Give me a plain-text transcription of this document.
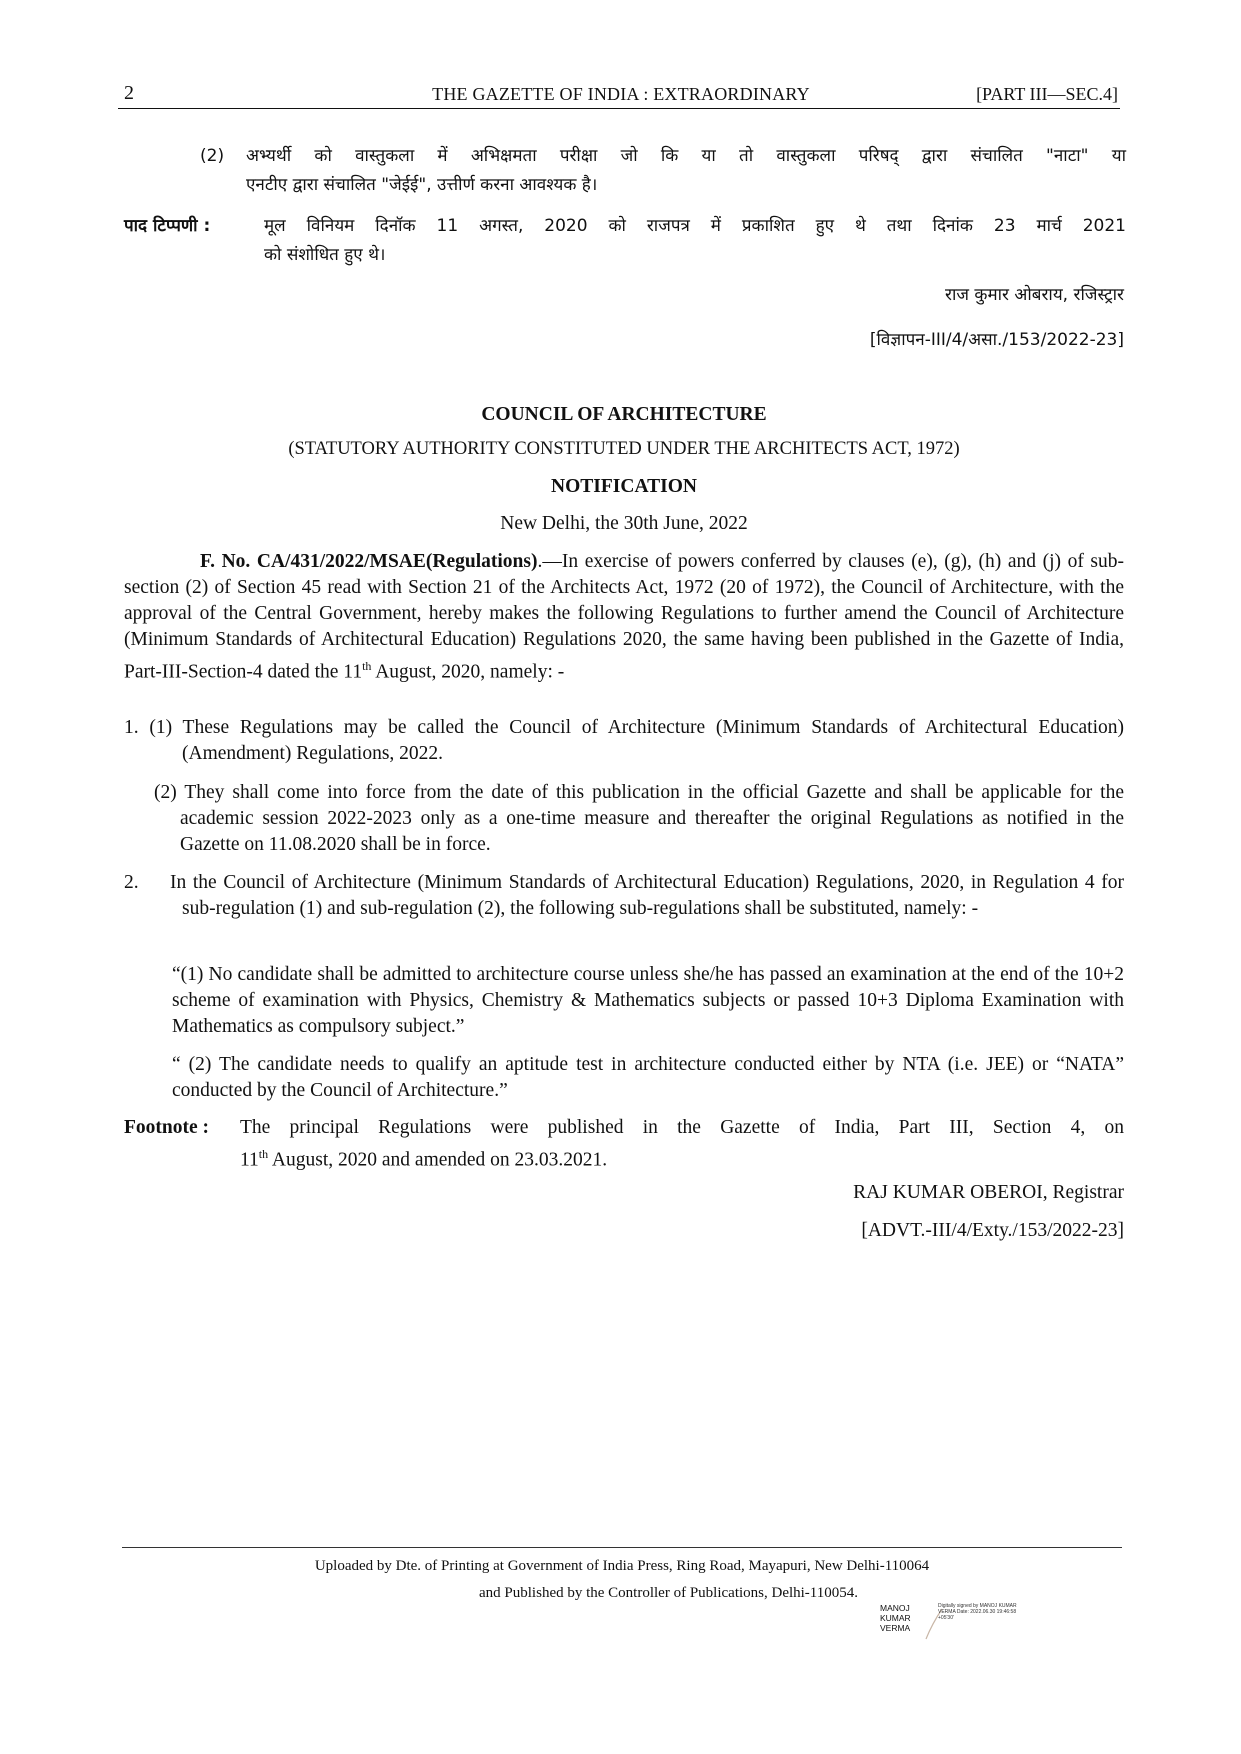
2	THE GAZETTE OF INDIA : EXTRAORDINARY	[PART III—SEC.4]
(2) अभ्यर्थी को वास्तुकला में अभिक्षमता परीक्षा जो कि या तो वास्तुकला परिषद् द्वारा संचालित "नाटा" या
एनटीए द्वारा संचालित "जेईई", उत्तीर्ण करना आवश्यक है।
पाद टिप्पणी :	मूल विनियम दिनॉक 11 अगस्त, 2020 को राजपत्र में प्रकाशित हुए थे तथा दिनांक 23 मार्च 2021
को संशोधित हुए थे।
राज कुमार ओबराय, रजिस्ट्रार
[विज्ञापन-III/4/असा./153/2022-23]
COUNCIL OF ARCHITECTURE
(STATUTORY AUTHORITY CONSTITUTED UNDER THE ARCHITECTS ACT, 1972)
NOTIFICATION
New Delhi, the 30th June, 2022
F. No. CA/431/2022/MSAE(Regulations).—In exercise of powers conferred by clauses (e), (g), (h) and (j) of sub-section (2) of Section 45 read with Section 21 of the Architects Act, 1972 (20 of 1972), the Council of Architecture, with the approval of the Central Government, hereby makes the following Regulations to further amend the Council of Architecture (Minimum Standards of Architectural Education) Regulations 2020, the same having been published in the Gazette of India, Part-III-Section-4 dated the 11th August, 2020, namely: -
1. (1) These Regulations may be called the Council of Architecture (Minimum Standards of Architectural Education) (Amendment) Regulations, 2022.
(2) They shall come into force from the date of this publication in the official Gazette and shall be applicable for the academic session 2022-2023 only as a one-time measure and thereafter the original Regulations as notified in the Gazette on 11.08.2020 shall be in force.
2. In the Council of Architecture (Minimum Standards of Architectural Education) Regulations, 2020, in Regulation 4 for sub-regulation (1) and sub-regulation (2), the following sub-regulations shall be substituted, namely: -
“(1) No candidate shall be admitted to architecture course unless she/he has passed an examination at the end of the 10+2 scheme of examination with Physics, Chemistry & Mathematics subjects or passed 10+3 Diploma Examination with Mathematics as compulsory subject.”
“ (2) The candidate needs to qualify an aptitude test in architecture conducted either by NTA (i.e. JEE) or “NATA” conducted by the Council of Architecture.”
Footnote : The principal Regulations were published in the Gazette of India, Part III, Section 4, on
11th August, 2020 and amended on 23.03.2021.
RAJ KUMAR OBEROI, Registrar
[ADVT.-III/4/Exty./153/2022-23]
Uploaded by Dte. of Printing at Government of India Press, Ring Road, Mayapuri, New Delhi-110064
and Published by the Controller of Publications, Delhi-110054.
MANOJ KUMAR VERMA
Digitally signed by MANOJ KUMAR VERMA Date: 2022.06.30 19:46:58 +05'30'
